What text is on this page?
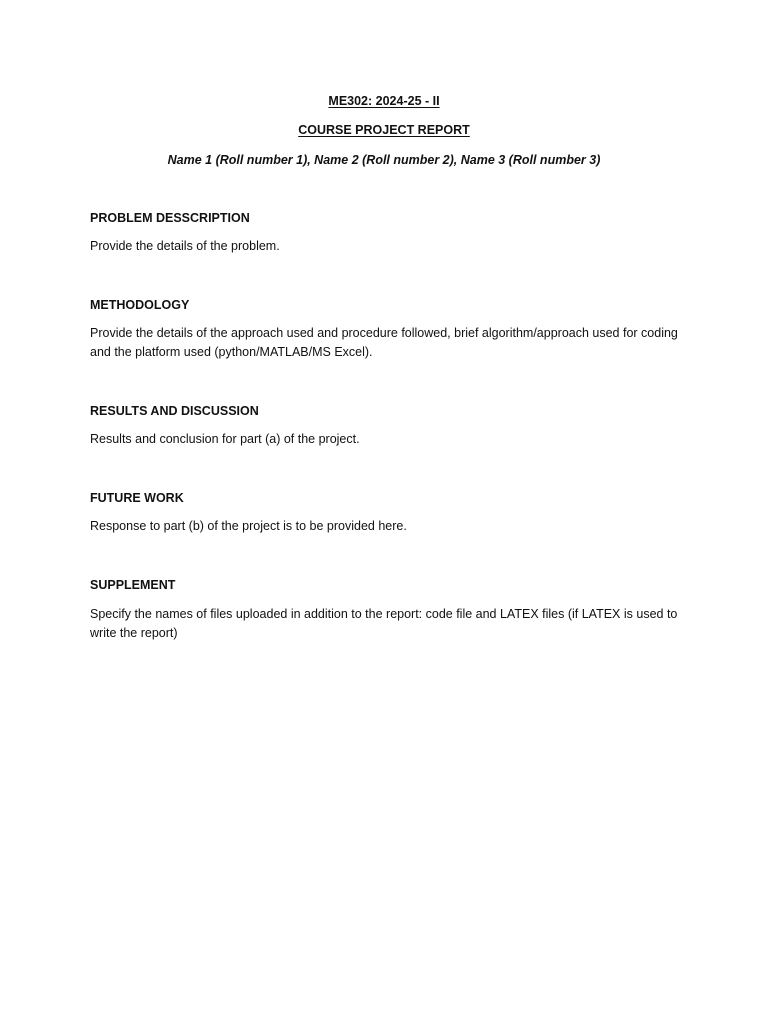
ME302: 2024-25 - II
COURSE PROJECT REPORT
Name 1 (Roll number 1), Name 2 (Roll number 2), Name 3 (Roll number 3)
PROBLEM DESSCRIPTION

Provide the details of the problem.

METHODOLOGY

Provide the details of the approach used and procedure followed, brief algorithm/approach used for coding and the platform used (python/MATLAB/MS Excel).

RESULTS AND DISCUSSION

Results and conclusion for part (a) of the project.

FUTURE WORK

Response to part (b) of the project is to be provided here.

SUPPLEMENT

Specify the names of files uploaded in addition to the report: code file and LATEX files (if LATEX is used to write the report)
